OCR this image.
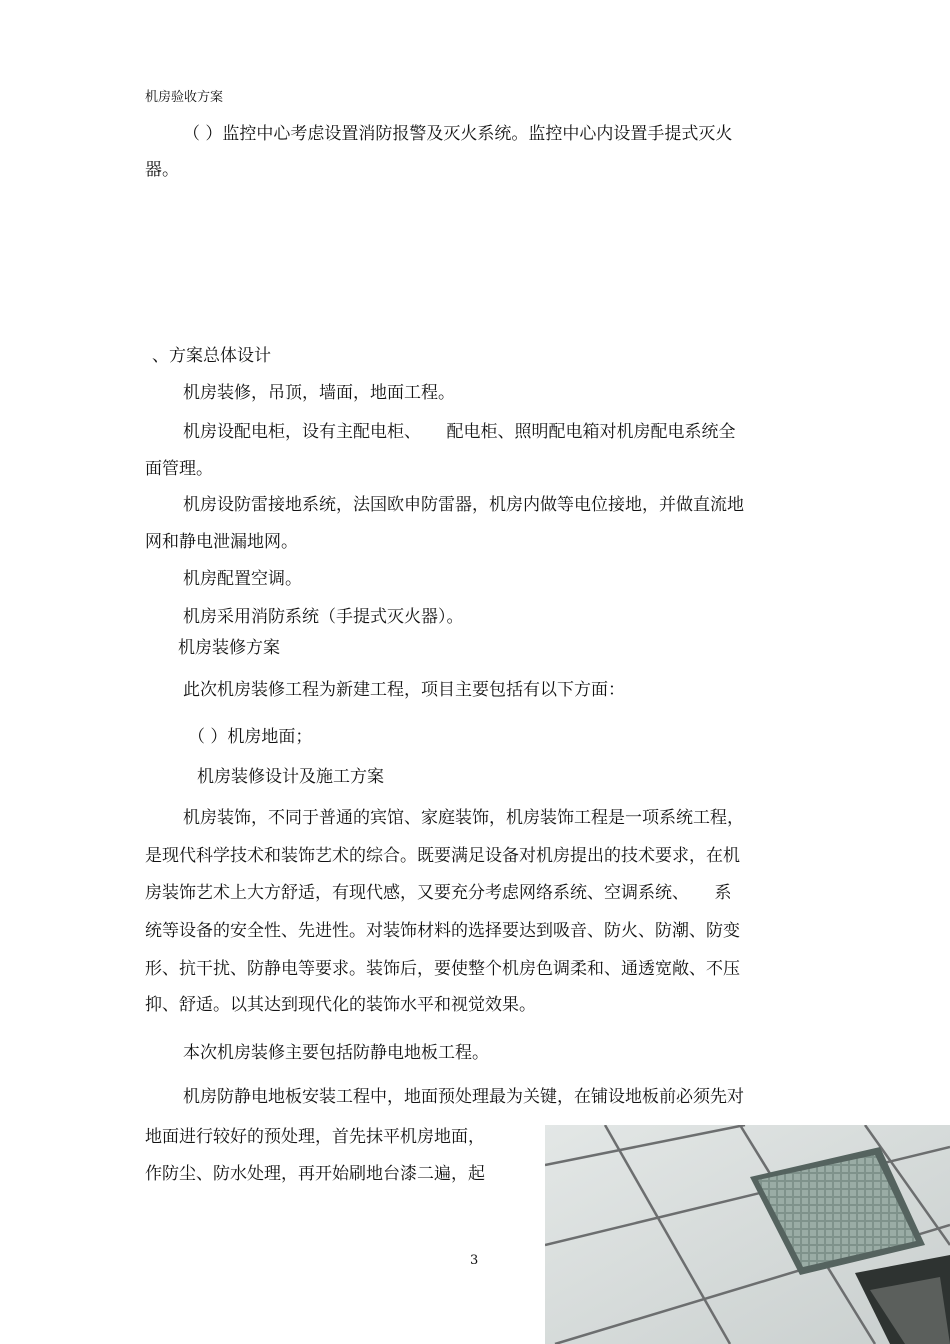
机房验收方案
（ ）监控中心考虑设置消防报警及灭火系统。监控中心内设置手提式灭火
器。
、方案总体设计
机房装修，吊顶，墙面，地面工程。
机房设配电柜，设有主配电柜、　　配电柜、照明配电箱对机房配电系统全
面管理。
机房设防雷接地系统，法国欧申防雷器，机房内做等电位接地，并做直流地
网和静电泄漏地网。
机房配置空调。
机房采用消防系统（手提式灭火器）。
机房装修方案
此次机房装修工程为新建工程，项目主要包括有以下方面：
（ ）机房地面；
机房装修设计及施工方案
机房装饰，不同于普通的宾馆、家庭装饰，机房装饰工程是一项系统工程，
是现代科学技术和装饰艺术的综合。既要满足设备对机房提出的技术要求，在机
房装饰艺术上大方舒适，有现代感，又要充分考虑网络系统、空调系统、　　系
统等设备的安全性、先进性。对装饰材料的选择要达到吸音、防火、防潮、防变
形、抗干扰、防静电等要求。装饰后，要使整个机房色调柔和、通透宽敞、不压
抑、舒适。以其达到现代化的装饰水平和视觉效果。
本次机房装修主要包括防静电地板工程。
机房防静电地板安装工程中，地面预处理最为关键，在铺设地板前必须先对
地面进行较好的预处理，首先抹平机房地面，
作防尘、防水处理，再开始刷地台漆二遍，起
3
